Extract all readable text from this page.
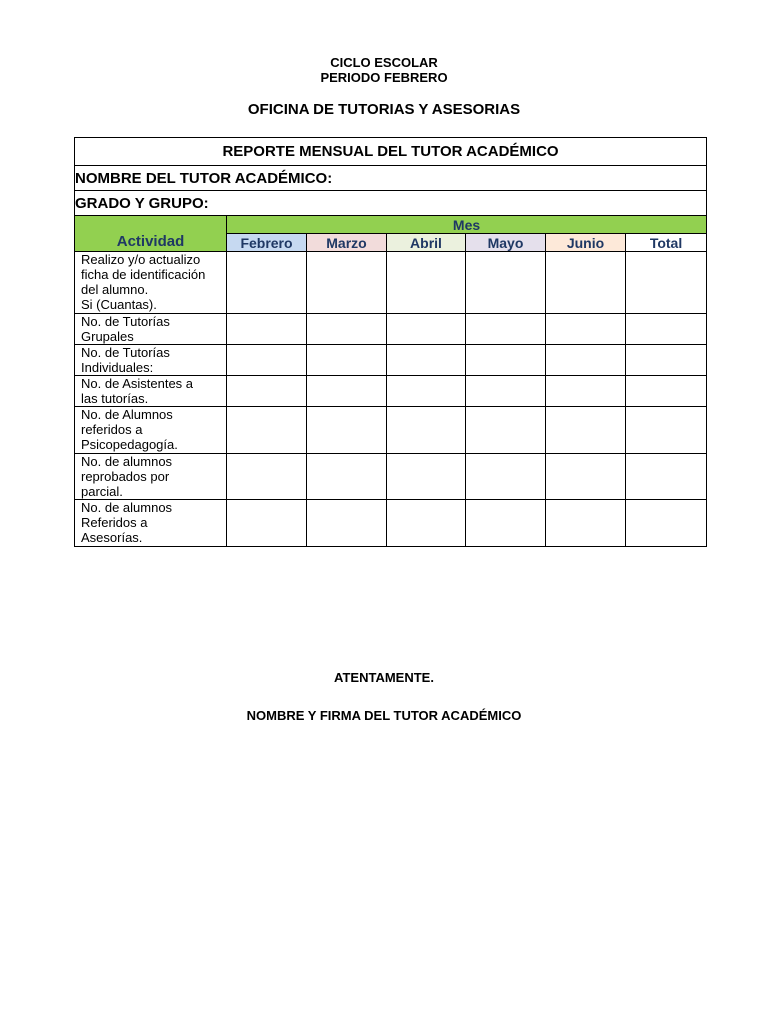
CICLO ESCOLAR
PERIODO FEBRERO
OFICINA DE TUTORIAS Y ASESORIAS
REPORTE MENSUAL DEL TUTOR ACADÉMICO						
NOMBRE DEL TUTOR ACADÉMICO:						
GRADO Y GRUPO:						
Actividad	Mes					
	Febrero	Marzo	Abril	Mayo	Junio	Total

Realizo y/o actualizo
ficha de identificación
del alumno.
Si (Cuantas).						

No. de Tutorías
Grupales						

No. de Tutorías
Individuales:						

No. de Asistentes a
las tutorías.						

No. de Alumnos
referidos a
Psicopedagogía.						

No. de alumnos
reprobados por
parcial.						

No. de alumnos
Referidos a
Asesorías.						

ATENTAMENTE.
NOMBRE Y FIRMA DEL TUTOR ACADÉMICO
